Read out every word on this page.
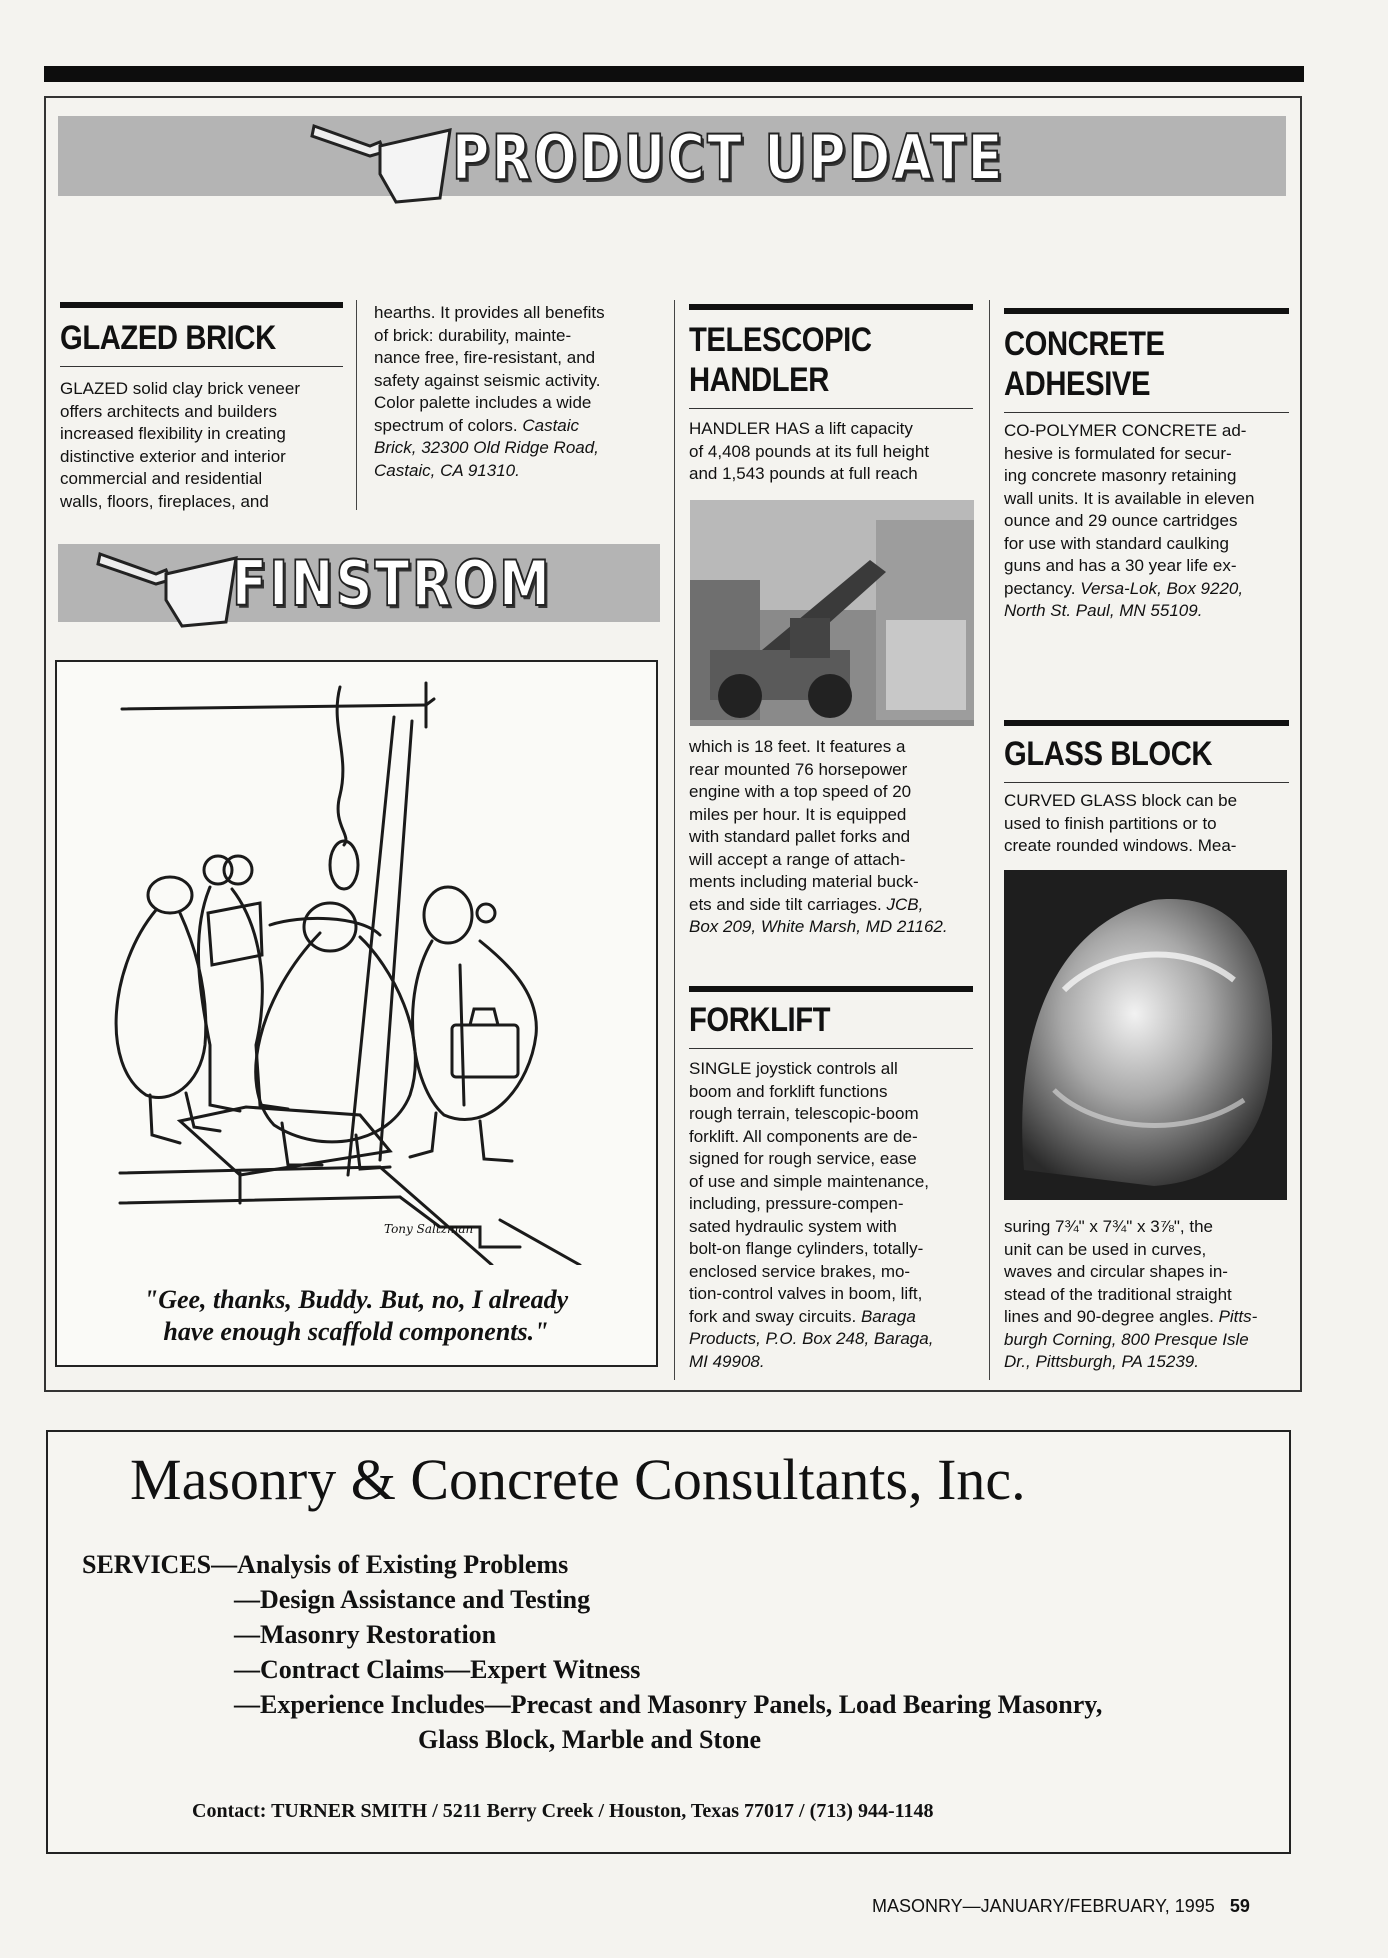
PRODUCT UPDATE
GLAZED BRICK
GLAZED solid clay brick veneer
offers architects and builders
increased flexibility in creating
distinctive exterior and interior
commercial and residential
walls, floors, fireplaces, and
hearths. It provides all benefits
of brick: durability, mainte-
nance free, fire-resistant, and
safety against seismic activity.
Color palette includes a wide
spectrum of colors. Castaic
Brick, 32300 Old Ridge Road,
Castaic, CA 91310.
FINSTROM
Tony Saltzman
"Gee, thanks, Buddy. But, no, I already
have enough scaffold components."
TELESCOPIC
HANDLER
HANDLER HAS a lift capacity
of 4,408 pounds at its full height
and 1,543 pounds at full reach
which is 18 feet. It features a
rear mounted 76 horsepower
engine with a top speed of 20
miles per hour. It is equipped
with standard pallet forks and
will accept a range of attach-
ments including material buck-
ets and side tilt carriages. JCB,
Box 209, White Marsh, MD 21162.
FORKLIFT
SINGLE joystick controls all
boom and forklift functions
rough terrain, telescopic-boom
forklift. All components are de-
signed for rough service, ease
of use and simple maintenance,
including, pressure-compen-
sated hydraulic system with
bolt-on flange cylinders, totally-
enclosed service brakes, mo-
tion-control valves in boom, lift,
fork and sway circuits. Baraga
Products, P.O. Box 248, Baraga,
MI 49908.
CONCRETE
ADHESIVE
CO-POLYMER CONCRETE ad-
hesive is formulated for secur-
ing concrete masonry retaining
wall units. It is available in eleven
ounce and 29 ounce cartridges
for use with standard caulking
guns and has a 30 year life ex-
pectancy. Versa-Lok, Box 9220,
North St. Paul, MN 55109.
GLASS BLOCK
CURVED GLASS block can be
used to finish partitions or to
create rounded windows. Mea-
suring 7¾" x 7¾" x 3⅞", the
unit can be used in curves,
waves and circular shapes in-
stead of the traditional straight
lines and 90-degree angles. Pitts-
burgh Corning, 800 Presque Isle
Dr., Pittsburgh, PA 15239.
Masonry & Concrete Consultants, Inc.
SERVICES—Analysis of Existing Problems
—Design Assistance and Testing
—Masonry Restoration
—Contract Claims—Expert Witness
—Experience Includes—Precast and Masonry Panels, Load Bearing Masonry,
Glass Block, Marble and Stone
Contact: TURNER SMITH / 5211 Berry Creek / Houston, Texas 77017 / (713) 944-1148
MASONRY—JANUARY/FEBRUARY, 1995 59
